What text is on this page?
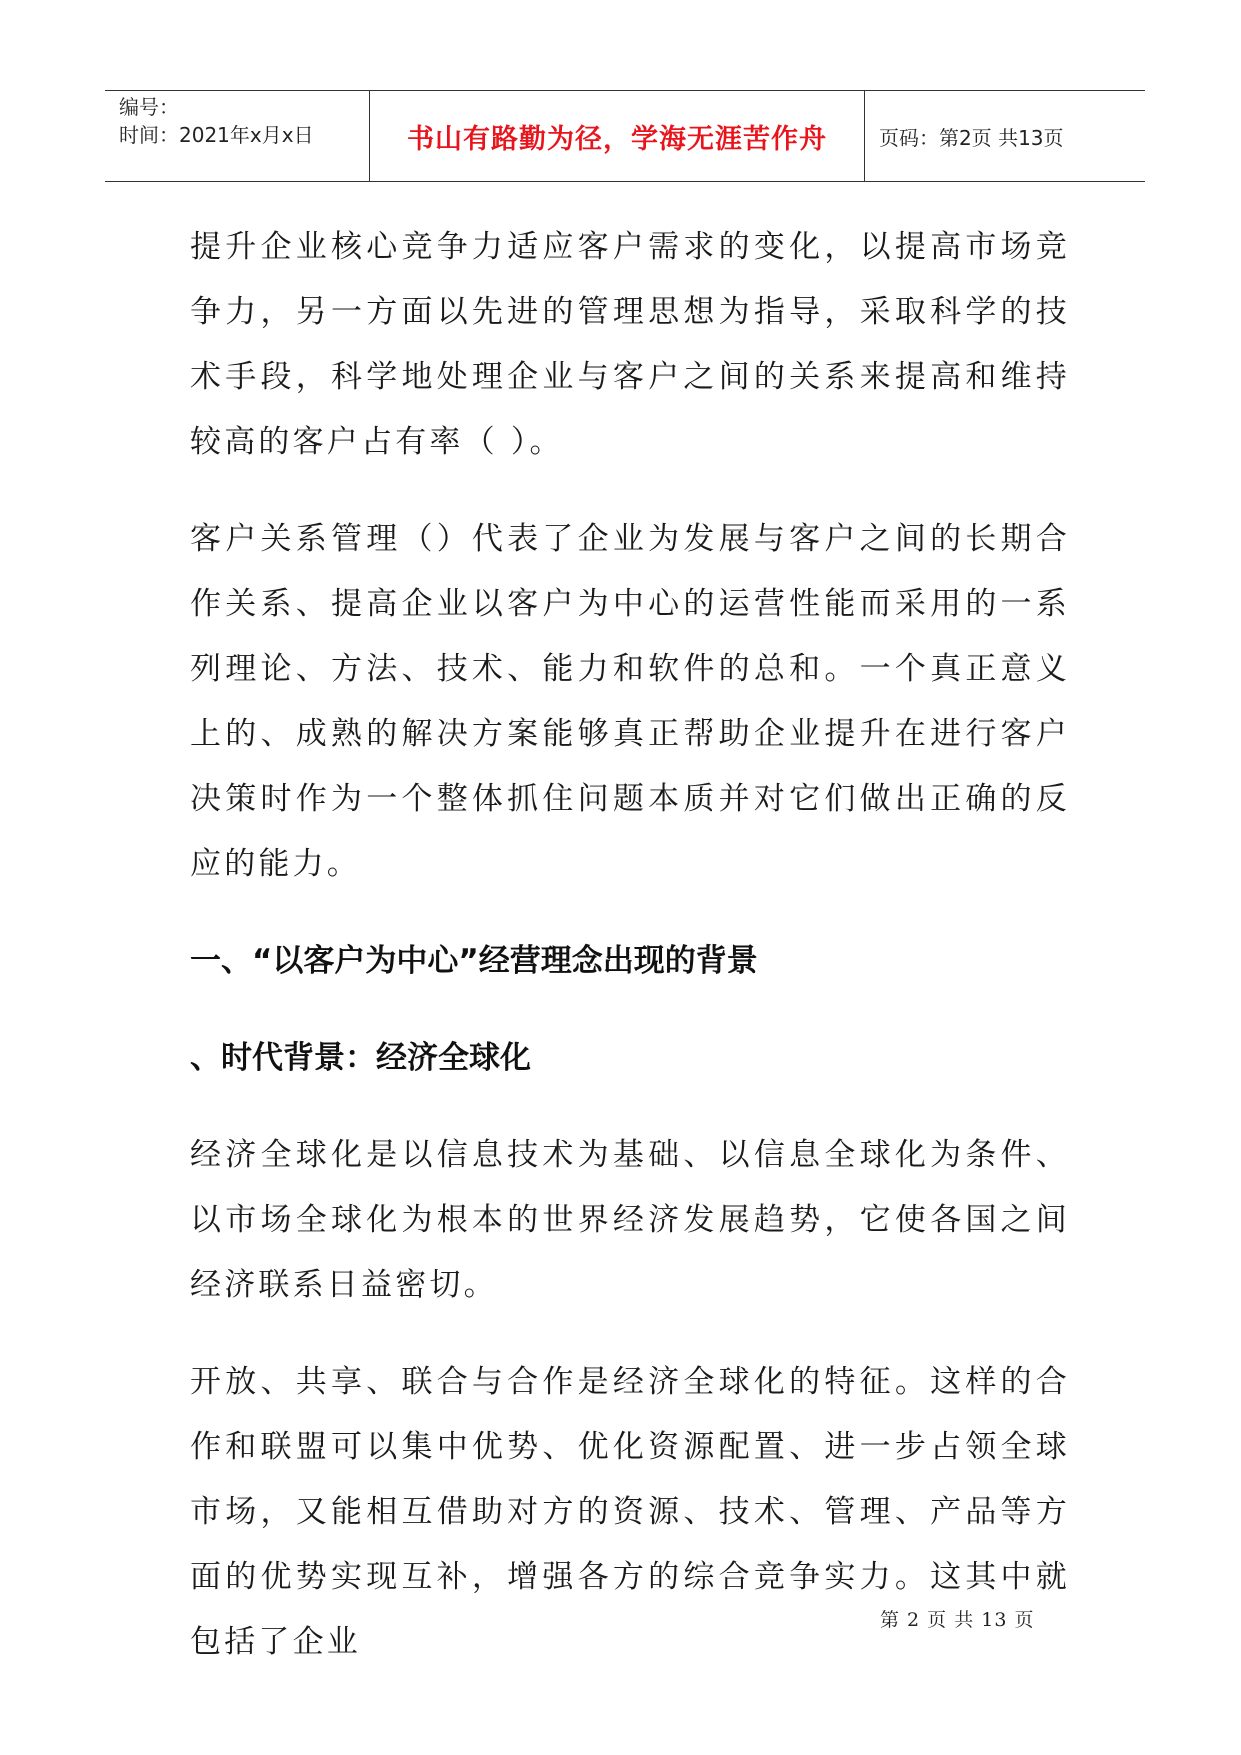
编号：
时间：2021年x月x日	书山有路勤为径，学海无涯苦作舟	页码：第2页 共13页

提升企业核心竞争力适应客户需求的变化，以提高市场竞争力，另一方面以先进的管理思想为指导，采取科学的技术手段，科学地处理企业与客户之间的关系来提高和维持较高的客户占有率（ ）。

客户关系管理（）代表了企业为发展与客户之间的长期合作关系、提高企业以客户为中心的运营性能而采用的一系列理论、方法、技术、能力和软件的总和。一个真正意义上的、成熟的解决方案能够真正帮助企业提升在进行客户决策时作为一个整体抓住问题本质并对它们做出正确的反应的能力。

一、“以客户为中心”经营理念出现的背景
、时代背景：经济全球化

经济全球化是以信息技术为基础、以信息全球化为条件、以市场全球化为根本的世界经济发展趋势，它使各国之间经济联系日益密切。

开放、共享、联合与合作是经济全球化的特征。这样的合作和联盟可以集中优势、优化资源配置、进一步占领全球市场，又能相互借助对方的资源、技术、管理、产品等方面的优势实现互补，增强各方的综合竞争实力。这其中就包括了企业

第 2 页 共 13 页
